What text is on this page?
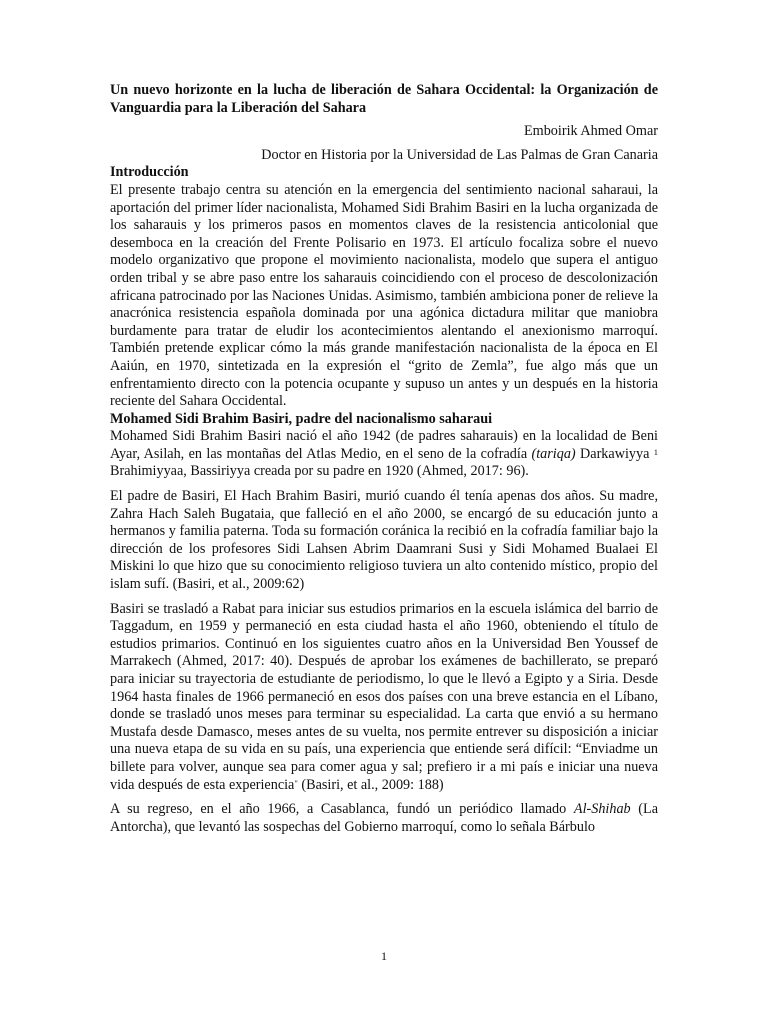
Un nuevo horizonte en la lucha de liberación de Sahara Occidental: la Organización de Vanguardia para la Liberación del Sahara

Emboirik Ahmed Omar

Doctor en Historia por la Universidad de Las Palmas de Gran Canaria

Introducción

El presente trabajo centra su atención en la emergencia del sentimiento nacional saharaui, la aportación del primer líder nacionalista, Mohamed Sidi Brahim Basiri en la lucha organizada de los saharauis y los primeros pasos en momentos claves de la resistencia anticolonial que desemboca en la creación del Frente Polisario en 1973. El artículo focaliza sobre el nuevo modelo organizativo que propone el movimiento nacionalista, modelo que supera el antiguo orden tribal y se abre paso entre los saharauis coincidiendo con el proceso de descolonización africana patrocinado por las Naciones Unidas. Asimismo, también ambiciona poner de relieve la anacrónica resistencia española dominada por una agónica dictadura militar que maniobra burdamente para tratar de eludir los acontecimientos alentando el anexionismo marroquí. También pretende explicar cómo la más grande manifestación nacionalista de la época en El Aaiún, en 1970, sintetizada en la expresión el “grito de Zemla”, fue algo más que un enfrentamiento directo con la potencia ocupante y supuso un antes y un después en la historia reciente del Sahara Occidental.

Mohamed Sidi Brahim Basiri, padre del nacionalismo saharaui

Mohamed Sidi Brahim Basiri nació el año 1942 (de padres saharauis) en la localidad de Beni Ayar, Asilah, en las montañas del Atlas Medio, en el seno de la cofradía (tariqa) Darkawiyya $^1$ Brahimiyyaa, Bassiriyya creada por su padre en 1920 (Ahmed, 2017: 96).

El padre de Basiri, El Hach Brahim Basiri, murió cuando él tenía apenas dos años. Su madre, Zahra Hach Saleh Bugataia, que falleció en el año 2000, se encargó de su educación junto a hermanos y familia paterna. Toda su formación coránica la recibió en la cofradía familiar bajo la dirección de los profesores Sidi Lahsen Abrim Daamrani Susi y Sidi Mohamed Bualaei El Miskini lo que hizo que su conocimiento religioso tuviera un alto contenido místico, propio del islam sufí. (Basiri, et al., 2009:62)

Basiri se trasladó a Rabat para iniciar sus estudios primarios en la escuela islámica del barrio de Taggadum, en 1959 y permaneció en esta ciudad hasta el año 1960, obteniendo el título de estudios primarios. Continuó en los siguientes cuatro años en la Universidad Ben Youssef de Marrakech (Ahmed, 2017: 40). Después de aprobar los exámenes de bachillerato, se preparó para iniciar su trayectoria de estudiante de periodismo, lo que le llevó a Egipto y a Siria. Desde 1964 hasta finales de 1966 permaneció en esos dos países con una breve estancia en el Líbano, donde se trasladó unos meses para terminar su especialidad. La carta que envió a su hermano Mustafa desde Damasco, meses antes de su vuelta, nos permite entrever su disposición a iniciar una nueva etapa de su vida en su país, una experiencia que entiende será difícil: “Enviadme un billete para volver, aunque sea para comer agua y sal; prefiero ir a mi país e iniciar una nueva vida después de esta experiencia" (Basiri, et al., 2009: 188)

A su regreso, en el año 1966, a Casablanca, fundó un periódico llamado Al-Shihab (La Antorcha), que levantó las sospechas del Gobierno marroquí, como lo señala Bárbulo

1
